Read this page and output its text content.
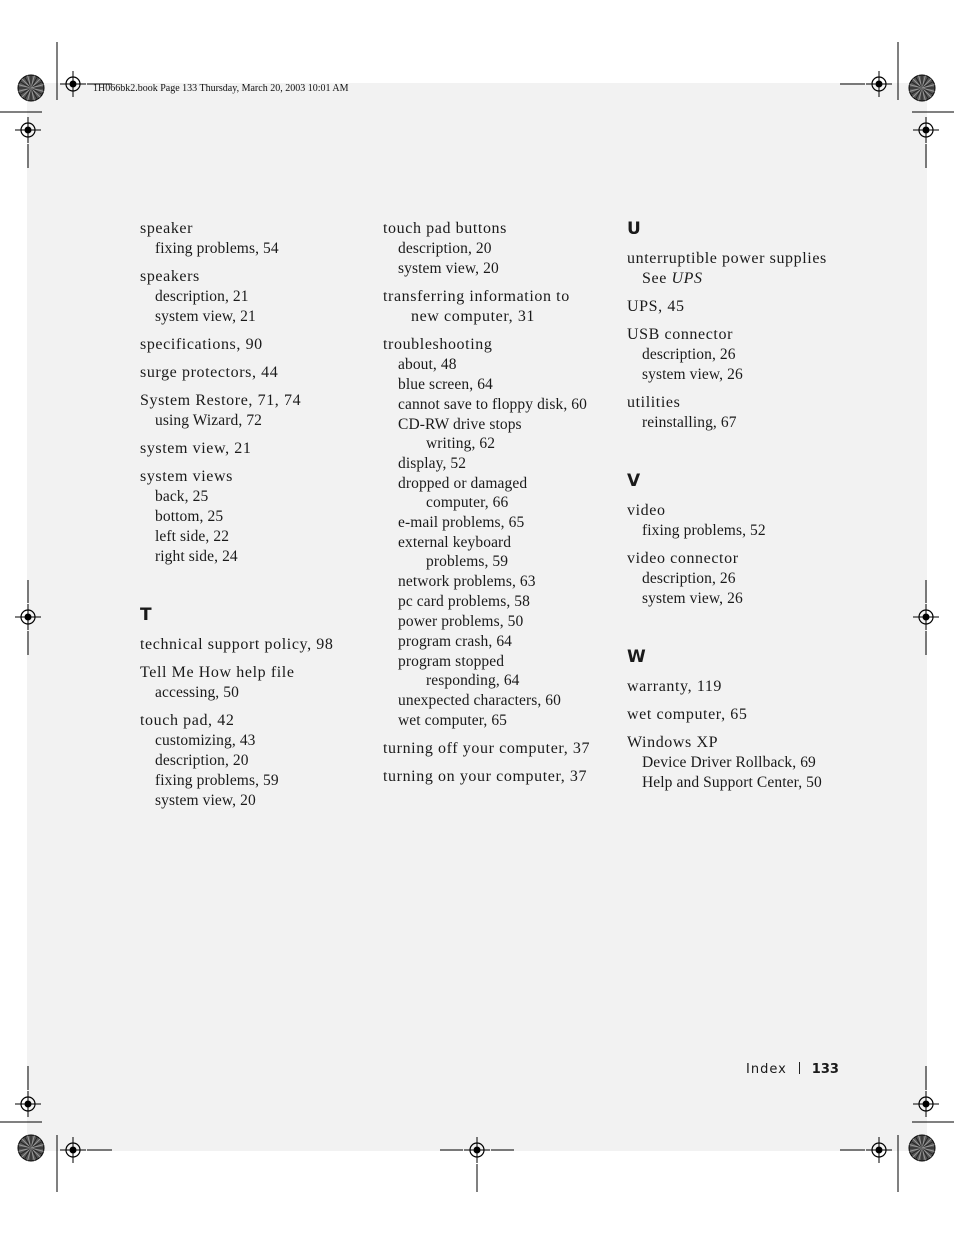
1H066bk2.book Page 133 Thursday, March 20, 2003 10:01 AM
speaker
fixing problems, 54
speakers
description, 21
system view, 21
specifications, 90
surge protectors, 44
System Restore, 71, 74
using Wizard, 72
system view, 21
system views
back, 25
bottom, 25
left side, 22
right side, 24
T
technical support policy, 98
Tell Me How help file
accessing, 50
touch pad, 42
customizing, 43
description, 20
fixing problems, 59
system view, 20
touch pad buttons
description, 20
system view, 20
transferring information to
new computer, 31
troubleshooting
about, 48
blue screen, 64
cannot save to floppy disk, 60
CD-RW drive stops
writing, 62
display, 52
dropped or damaged
computer, 66
e-mail problems, 65
external keyboard
problems, 59
network problems, 63
pc card problems, 58
power problems, 50
program crash, 64
program stopped
responding, 64
unexpected characters, 60
wet computer, 65
turning off your computer, 37
turning on your computer, 37
U
unterruptible power supplies
See UPS
UPS, 45
USB connector
description, 26
system view, 26
utilities
reinstalling, 67
V
video
fixing problems, 52
video connector
description, 26
system view, 26
W
warranty, 119
wet computer, 65
Windows XP
Device Driver Rollback, 69
Help and Support Center, 50
Index 133
